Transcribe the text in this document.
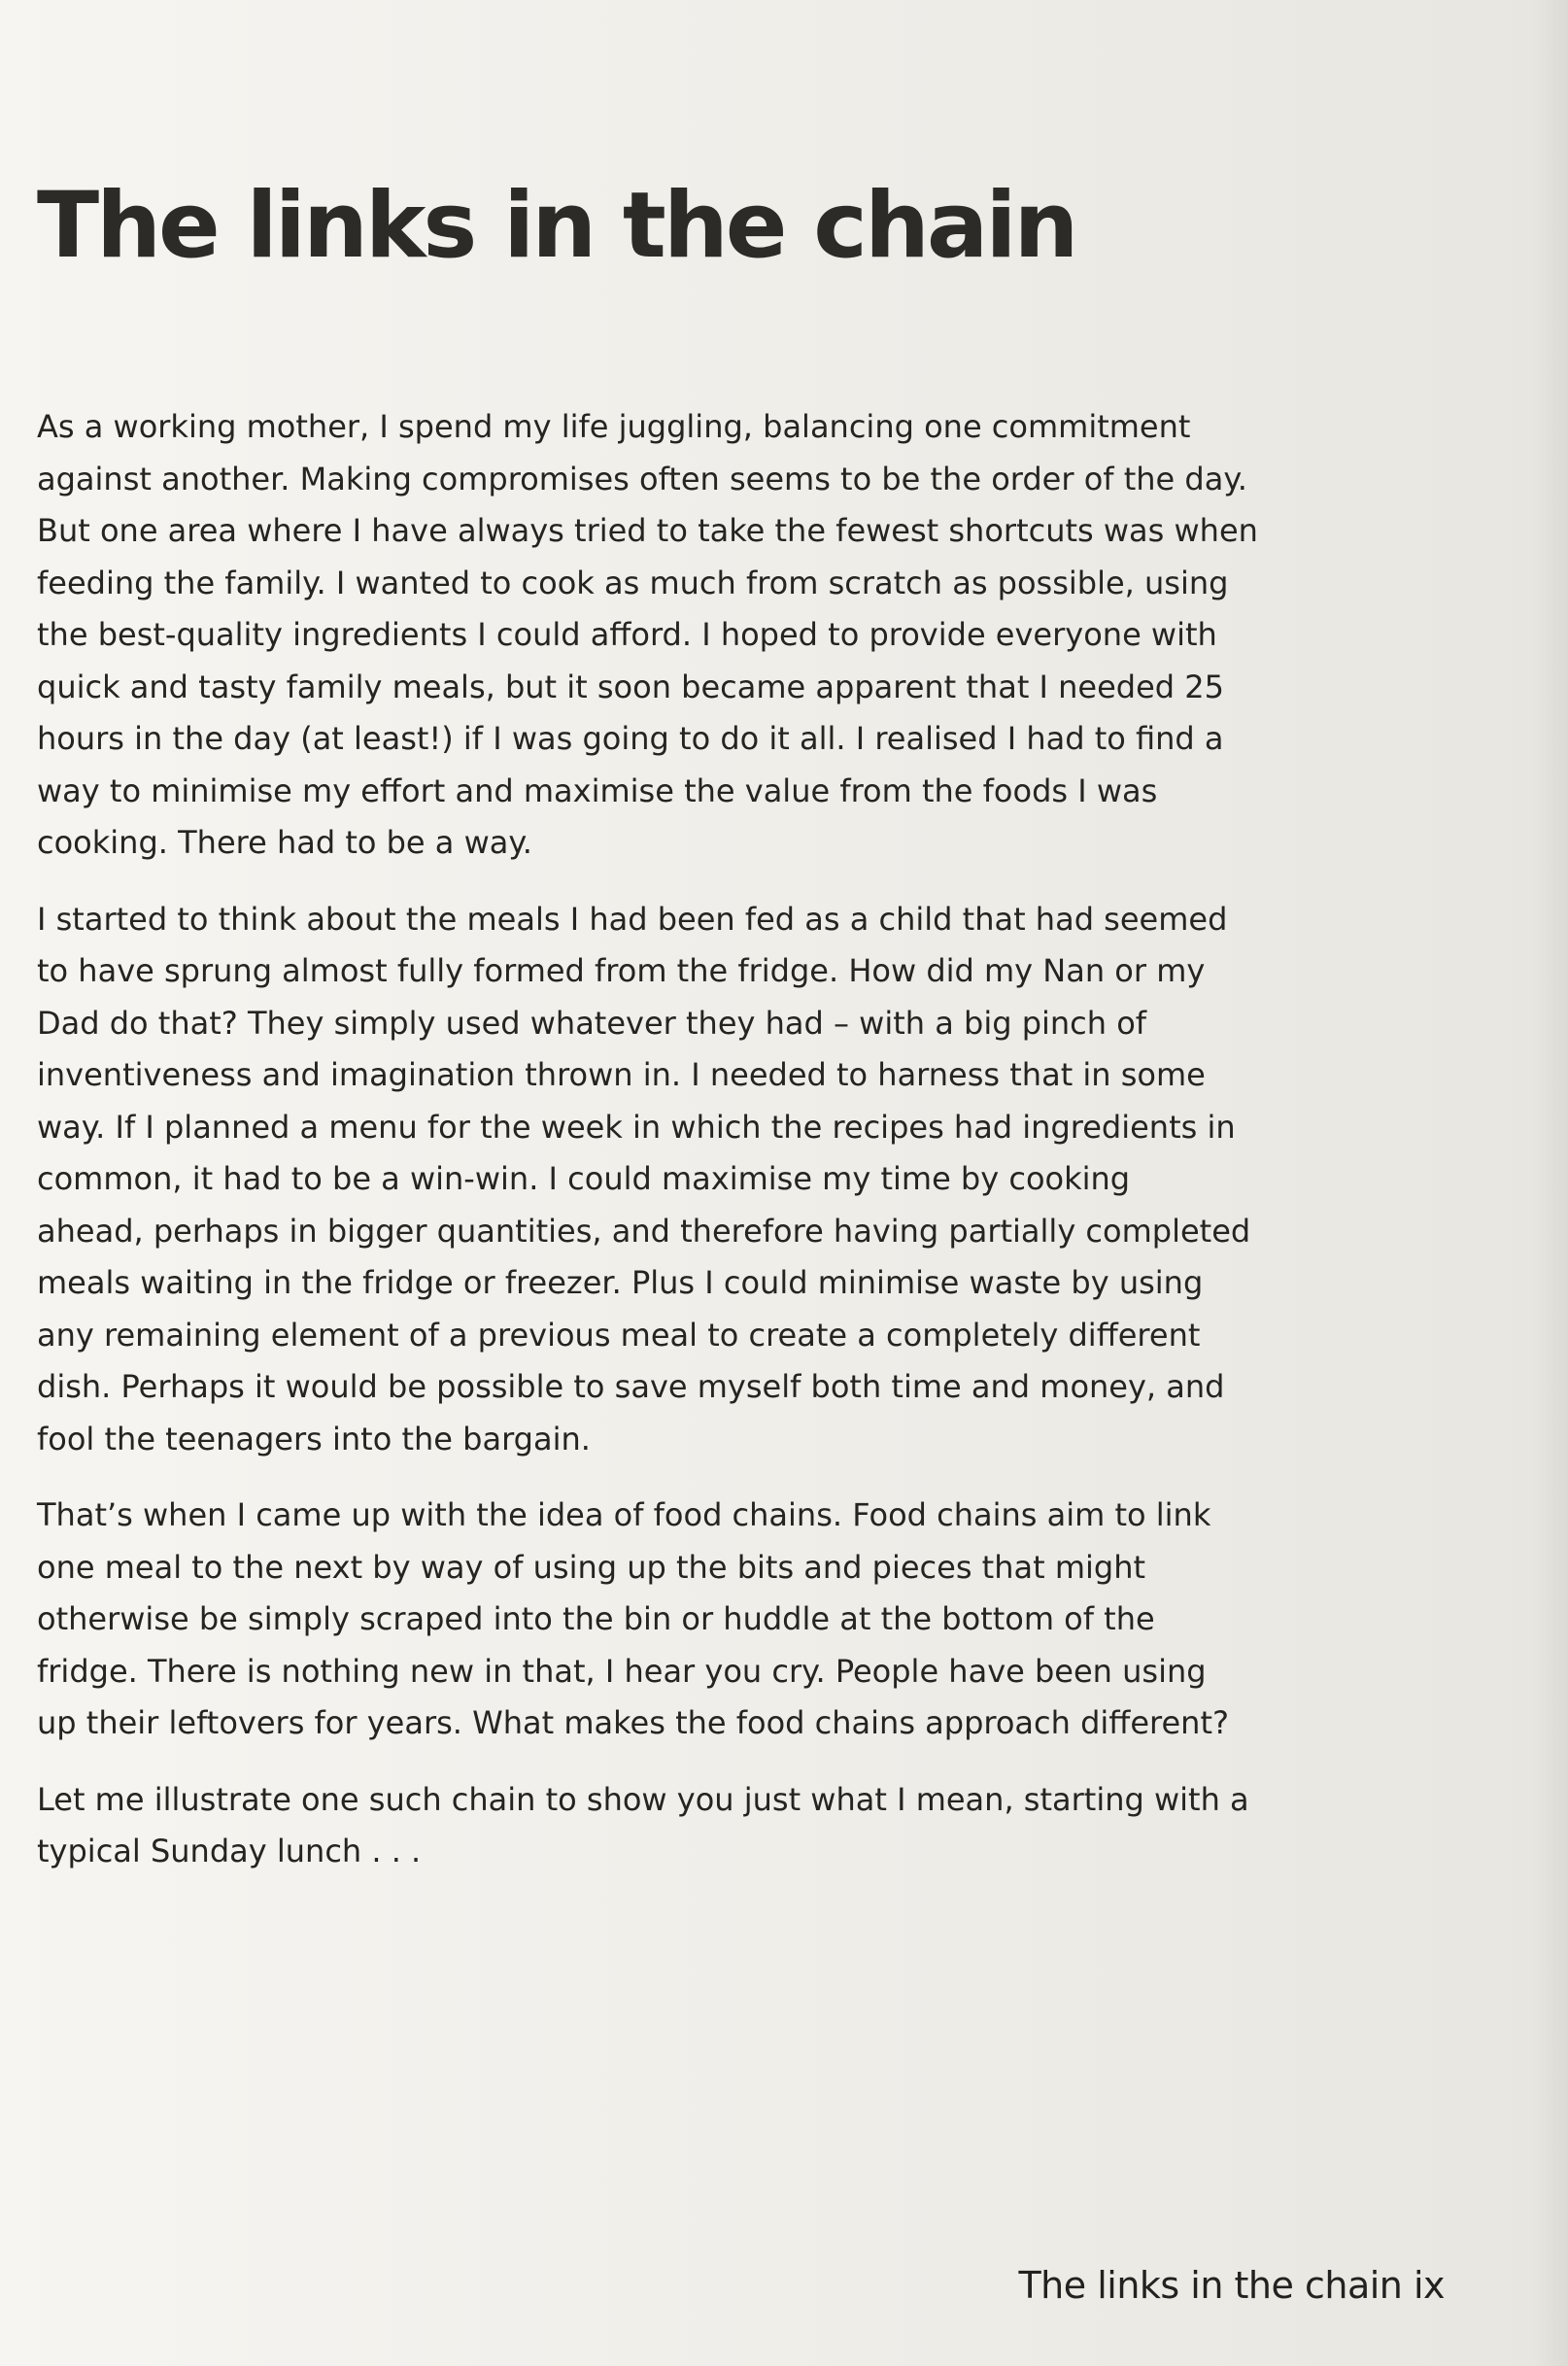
The links in the chain
As a working mother, I spend my life juggling, balancing one commitment
against another. Making compromises often seems to be the order of the day.
But one area where I have always tried to take the fewest shortcuts was when
feeding the family. I wanted to cook as much from scratch as possible, using
the best-quality ingredients I could afford. I hoped to provide everyone with
quick and tasty family meals, but it soon became apparent that I needed 25
hours in the day (at least!) if I was going to do it all. I realised I had to find a
way to minimise my effort and maximise the value from the foods I was
cooking. There had to be a way.
I started to think about the meals I had been fed as a child that had seemed
to have sprung almost fully formed from the fridge. How did my Nan or my
Dad do that? They simply used whatever they had – with a big pinch of
inventiveness and imagination thrown in. I needed to harness that in some
way. If I planned a menu for the week in which the recipes had ingredients in
common, it had to be a win-win. I could maximise my time by cooking
ahead, perhaps in bigger quantities, and therefore having partially completed
meals waiting in the fridge or freezer. Plus I could minimise waste by using
any remaining element of a previous meal to create a completely different
dish. Perhaps it would be possible to save myself both time and money, and
fool the teenagers into the bargain.
That’s when I came up with the idea of food chains. Food chains aim to link
one meal to the next by way of using up the bits and pieces that might
otherwise be simply scraped into the bin or huddle at the bottom of the
fridge. There is nothing new in that, I hear you cry. People have been using
up their leftovers for years. What makes the food chains approach different?
Let me illustrate one such chain to show you just what I mean, starting with a
typical Sunday lunch . . .
The links in the chain ix
